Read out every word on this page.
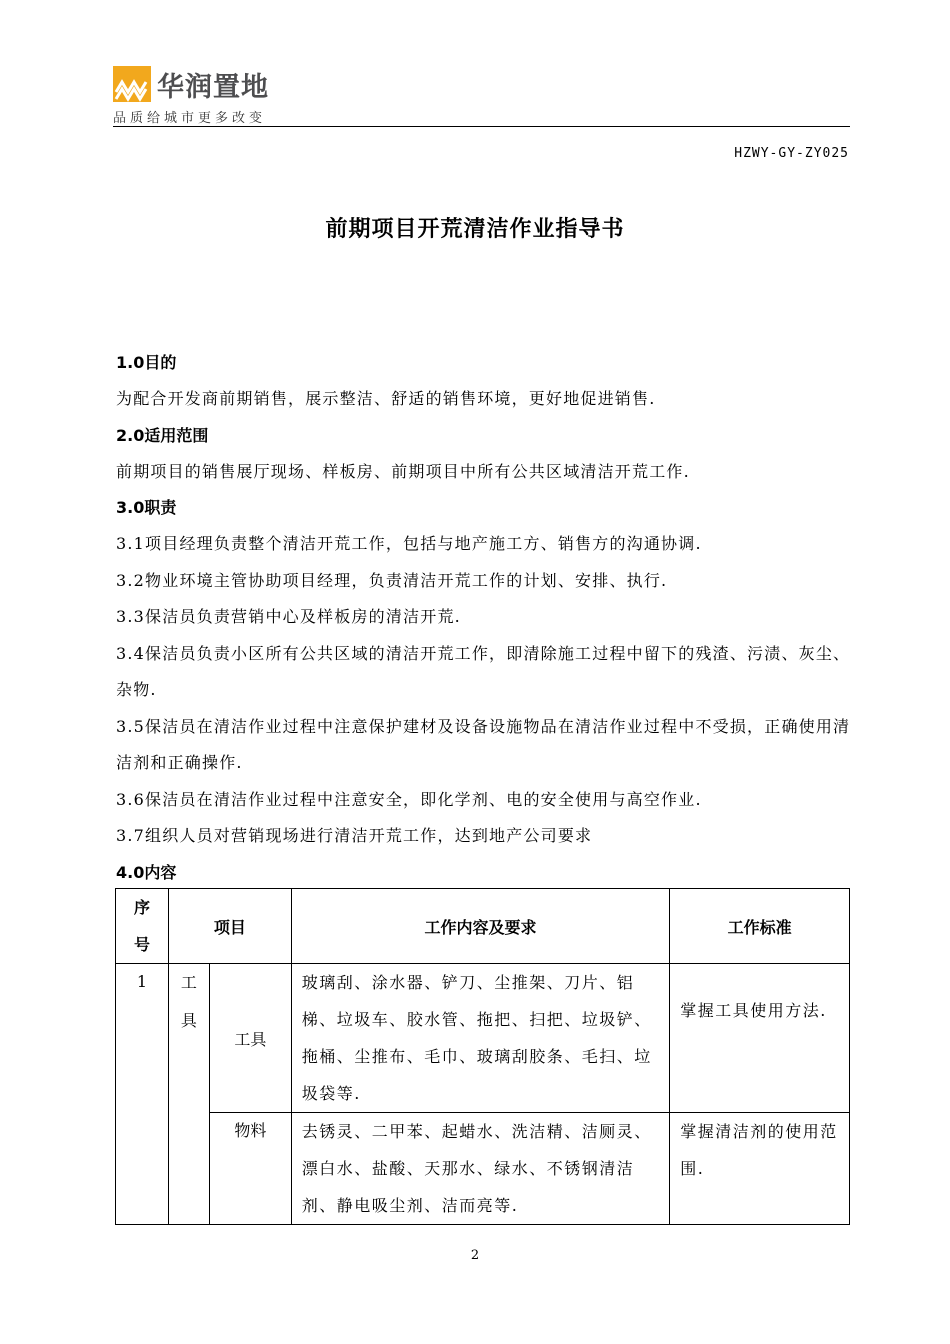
华润置地
品质给城市更多改变
HZWY-GY-ZY025
前期项目开荒清洁作业指导书
1.0目的
为配合开发商前期销售，展示整洁、舒适的销售环境，更好地促进销售.
2.0适用范围
前期项目的销售展厅现场、样板房、前期项目中所有公共区域清洁开荒工作.
3.0职责
3.1项目经理负责整个清洁开荒工作，包括与地产施工方、销售方的沟通协调.
3.2物业环境主管协助项目经理，负责清洁开荒工作的计划、安排、执行.
3.3保洁员负责营销中心及样板房的清洁开荒.
3.4保洁员负责小区所有公共区域的清洁开荒工作，即清除施工过程中留下的残渣、污渍、灰尘、杂物.
3.5保洁员在清洁作业过程中注意保护建材及设备设施物品在清洁作业过程中不受损，正确使用清洁剂和正确操作.
3.6保洁员在清洁作业过程中注意安全，即化学剂、电的安全使用与高空作业.
3.7组织人员对营销现场进行清洁开荒工作，达到地产公司要求
4.0内容
序号	项目		工作内容及要求	工作标准
1	工具	工具	玻璃刮、涂水器、铲刀、尘推架、刀片、铝梯、垃圾车、胶水管、拖把、扫把、垃圾铲、拖桶、尘推布、毛巾、玻璃刮胶条、毛扫、垃圾袋等.	掌握工具使用方法.
		物料	去锈灵、二甲苯、起蜡水、洗洁精、洁厕灵、漂白水、盐酸、天那水、绿水、不锈钢清洁剂、静电吸尘剂、洁而亮等.	掌握清洁剂的使用范围.
2
